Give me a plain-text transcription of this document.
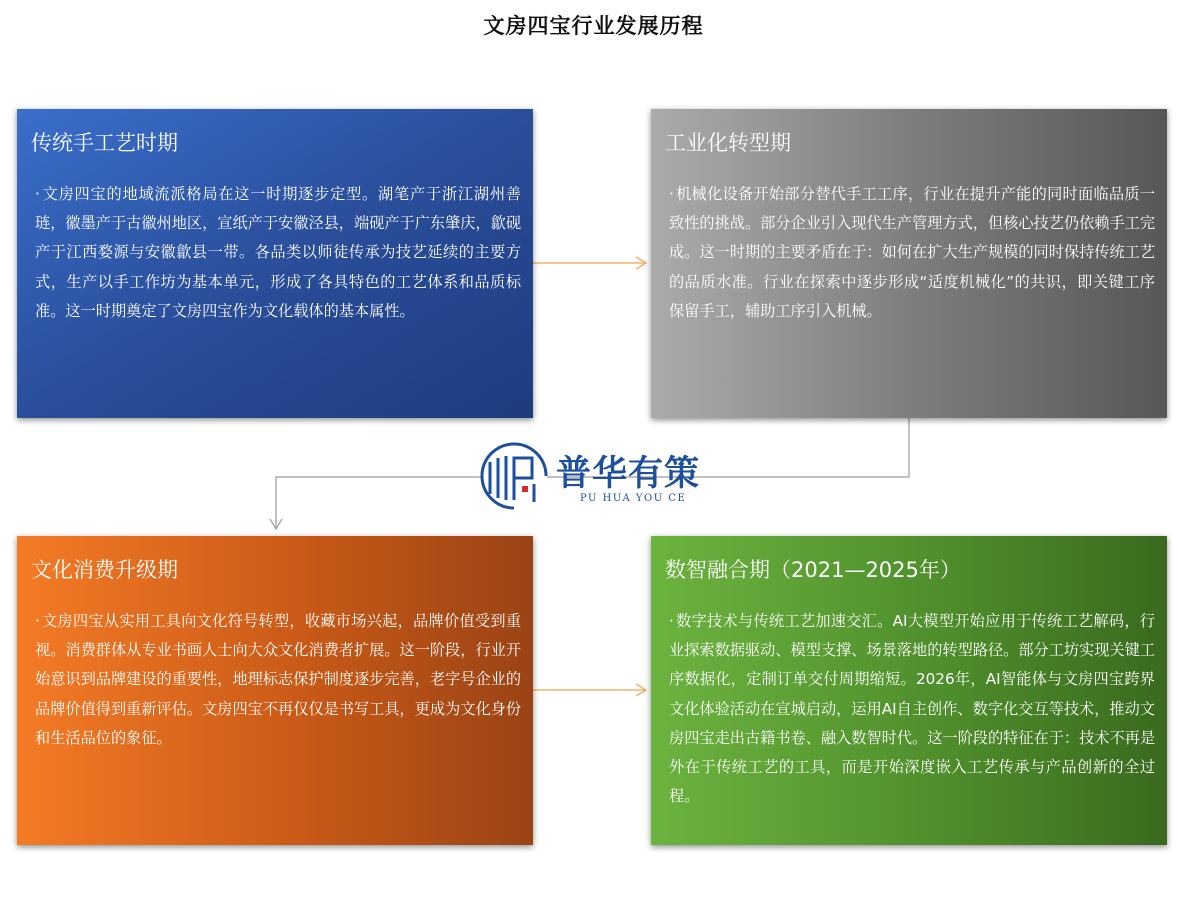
文房四宝行业发展历程
传统手工艺时期
· 文房四宝的地域流派格局在这一时期逐步定型。湖笔产于浙江湖州善琏，徽墨产于古徽州地区，宣纸产于安徽泾县，端砚产于广东肇庆，歙砚产于江西婺源与安徽歙县一带。各品类以师徒传承为技艺延续的主要方式，生产以手工作坊为基本单元，形成了各具特色的工艺体系和品质标准。这一时期奠定了文房四宝作为文化载体的基本属性。
工业化转型期
· 机械化设备开始部分替代手工工序，行业在提升产能的同时面临品质一致性的挑战。部分企业引入现代生产管理方式，但核心技艺仍依赖手工完成。这一时期的主要矛盾在于：如何在扩大生产规模的同时保持传统工艺的品质水准。行业在探索中逐步形成“适度机械化”的共识，即关键工序保留手工，辅助工序引入机械。
文化消费升级期
· 文房四宝从实用工具向文化符号转型，收藏市场兴起，品牌价值受到重视。消费群体从专业书画人士向大众文化消费者扩展。这一阶段，行业开始意识到品牌建设的重要性，地理标志保护制度逐步完善，老字号企业的品牌价值得到重新评估。文房四宝不再仅仅是书写工具，更成为文化身份和生活品位的象征。
数智融合期（2021—2025年）
· 数字技术与传统工艺加速交汇。AI大模型开始应用于传统工艺解码，行业探索数据驱动、模型支撑、场景落地的转型路径。部分工坊实现关键工序数据化，定制订单交付周期缩短。2026年，AI智能体与文房四宝跨界文化体验活动在宣城启动，运用AI自主创作、数字化交互等技术，推动文房四宝走出古籍书卷、融入数智时代。这一阶段的特征在于：技术不再是外在于传统工艺的工具，而是开始深度嵌入工艺传承与产品创新的全过程。
普华有策
PU HUA YOU CE
